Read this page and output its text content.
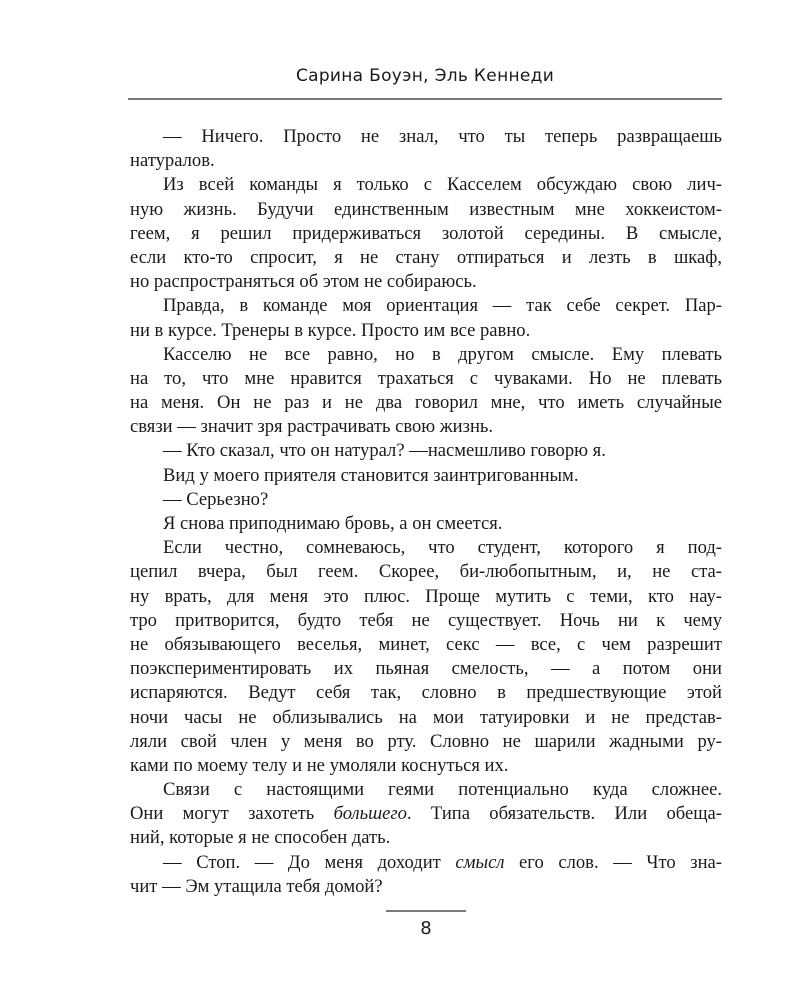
Сарина Боуэн, Эль Кеннеди
— Ничего. Просто не знал, что ты теперь развращаешь
натуралов.
Из всей команды я только с Касселем обсуждаю свою лич-
ную жизнь. Будучи единственным известным мне хоккеистом-
геем, я решил придерживаться золотой середины. В смысле,
если кто-то спросит, я не стану отпираться и лезть в шкаф,
но распространяться об этом не собираюсь.
Правда, в команде моя ориентация — так себе секрет. Пар-
ни в курсе. Тренеры в курсе. Просто им все равно.
Касселю не все равно, но в другом смысле. Ему плевать
на то, что мне нравится трахаться с чуваками. Но не плевать
на меня. Он не раз и не два говорил мне, что иметь случайные
связи — значит зря растрачивать свою жизнь.
— Кто сказал, что он натурал? —насмешливо говорю я.
Вид у моего приятеля становится заинтригованным.
— Серьезно?
Я снова приподнимаю бровь, а он смеется.
Если честно, сомневаюсь, что студент, которого я под-
цепил вчера, был геем. Скорее, би-любопытным, и, не ста-
ну врать, для меня это плюс. Проще мутить с теми, кто нау-
тро притворится, будто тебя не существует. Ночь ни к чему
не обязывающего веселья, минет, секс — все, с чем разрешит
поэкспериментировать их пьяная смелость, — а потом они
испаряются. Ведут себя так, словно в предшествующие этой
ночи часы не облизывались на мои татуировки и не представ-
ляли свой член у меня во рту. Словно не шарили жадными ру-
ками по моему телу и не умоляли коснуться их.
Связи с настоящими геями потенциально куда сложнее.
Они могут захотеть большего. Типа обязательств. Или обеща-
ний, которые я не способен дать.
— Стоп. — До меня доходит смысл его слов. — Что зна-
чит — Эм утащила тебя домой?
8
